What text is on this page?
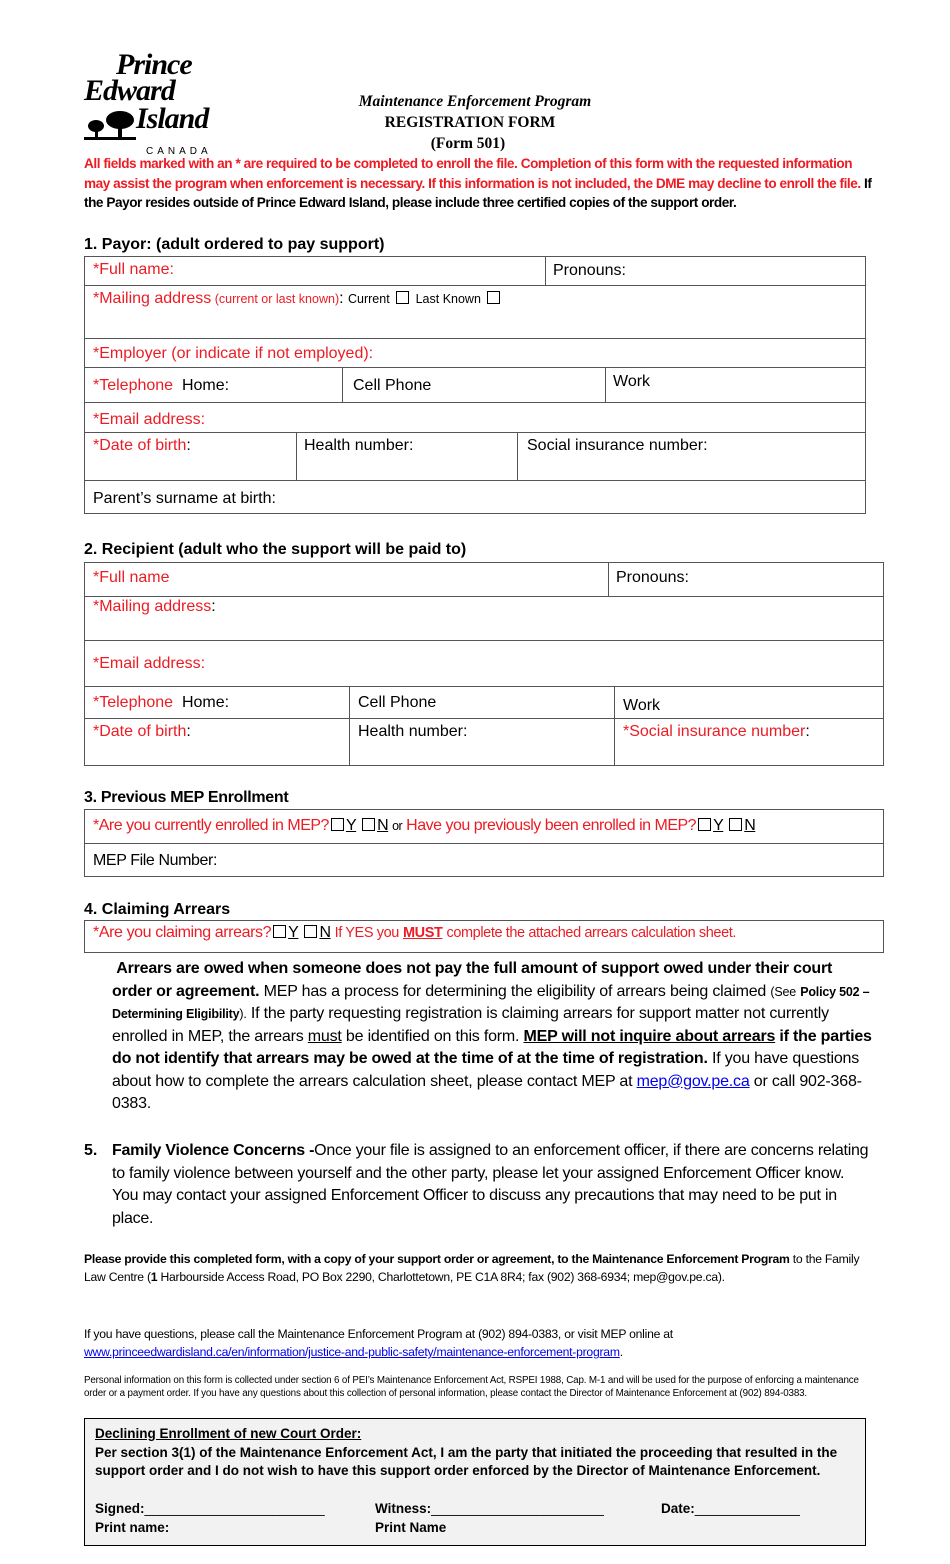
Prince
Edward
Island
CANADA
Maintenance Enforcement Program
REGISTRATION FORM
(Form 501)
All fields marked with an * are required to be completed to enroll the file. Completion of this form with the requested information may assist the program when enforcement is necessary. If this information is not included, the DME may decline to enroll the file. If the Payor resides outside of Prince Edward Island, please include three certified copies of the support order.
1. Payor: (adult ordered to pay support)
*Full name:	Pronouns:
*Mailing address (current or last known): Current Last Known
*Employer (or indicate if not employed):
*Telephone Home:	Cell Phone	Work
*Email address:
*Date of birth:	Health number:	Social insurance number:
Parent’s surname at birth:
2. Recipient (adult who the support will be paid to)
*Full name	Pronouns:
*Mailing address:
*Email address:
*Telephone Home:	Cell Phone	Work
*Date of birth:	Health number:	*Social insurance number:
3. Previous MEP Enrollment
*Are you currently enrolled in MEP? Y N or Have you previously been enrolled in MEP? Y N
MEP File Number:
4. Claiming Arrears
*Are you claiming arrears? Y N If YES you MUST complete the attached arrears calculation sheet.
Arrears are owed when someone does not pay the full amount of support owed under their court order or agreement. MEP has a process for determining the eligibility of arrears being claimed (See Policy 502 – Determining Eligibility). If the party requesting registration is claiming arrears for support matter not currently enrolled in MEP, the arrears must be identified on this form. MEP will not inquire about arrears if the parties do not identify that arrears may be owed at the time of at the time of registration. If you have questions about how to complete the arrears calculation sheet, please contact MEP at mep@gov.pe.ca or call 902-368-0383.
5. Family Violence Concerns -Once your file is assigned to an enforcement officer, if there are concerns relating to family violence between yourself and the other party, please let your assigned Enforcement Officer know. You may contact your assigned Enforcement Officer to discuss any precautions that may need to be put in place.
Please provide this completed form, with a copy of your support order or agreement, to the Maintenance Enforcement Program to the Family Law Centre (1 Harbourside Access Road, PO Box 2290, Charlottetown, PE C1A 8R4; fax (902) 368-6934; mep@gov.pe.ca).
If you have questions, please call the Maintenance Enforcement Program at (902) 894-0383, or visit MEP online at www.princeedwardisland.ca/en/information/justice-and-public-safety/maintenance-enforcement-program.
Personal information on this form is collected under section 6 of PEI’s Maintenance Enforcement Act, RSPEI 1988, Cap. M-1 and will be used for the purpose of enforcing a maintenance order or a payment order. If you have any questions about this collection of personal information, please contact the Director of Maintenance Enforcement at (902) 894-0383.
Declining Enrollment of new Court Order:
Per section 3(1) of the Maintenance Enforcement Act, I am the party that initiated the proceeding that resulted in the support order and I do not wish to have this support order enforced by the Director of Maintenance Enforcement.
Signed:________________________	Witness:_______________________	Date:______________
Print name:	Print Name
